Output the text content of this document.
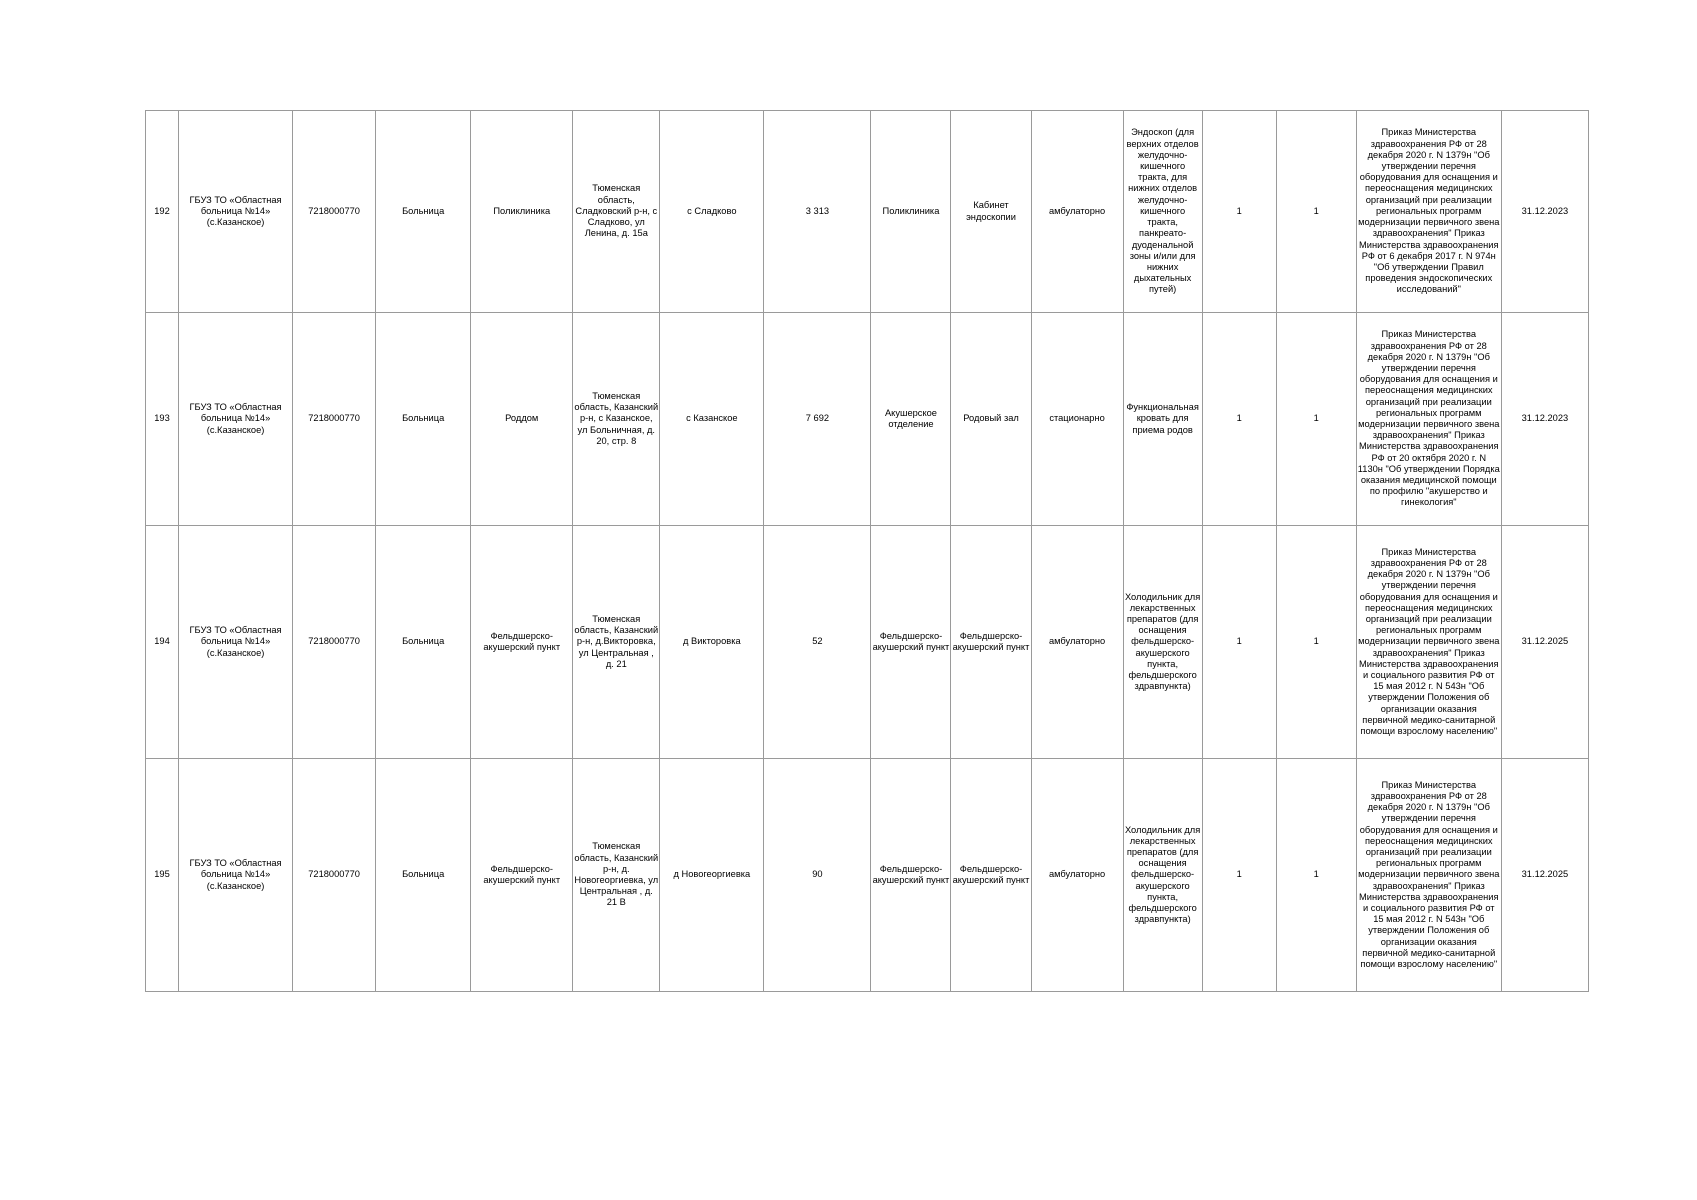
192	ГБУЗ ТО «Областная больница №14» (с.Казанское)	7218000770	Больница	Поликлиника	Тюменская область, Сладковский р-н, с Сладково, ул Ленина, д. 15а	с Сладково	3 313	Поликлиника	Кабинет эндоскопии	амбулаторно	Эндоскоп (для верхних отделов желудочно-кишечного тракта, для нижних отделов желудочно-кишечного тракта, панкреато-дуоденальной зоны и/или для нижних дыхательных путей)	1	1	Приказ Министерства здравоохранения РФ от 28 декабря 2020 г. N 1379н "Об утверждении перечня оборудования для оснащения и переоснащения медицинских организаций при реализации региональных программ модернизации первичного звена здравоохранения" Приказ Министерства здравоохранения РФ от 6 декабря 2017 г. N 974н "Об утверждении Правил проведения эндоскопических исследований"	31.12.2023
193	ГБУЗ ТО «Областная больница №14» (с.Казанское)	7218000770	Больница	Роддом	Тюменская область, Казанский р-н, с Казанское, ул Больничная, д. 20, стр. 8	с Казанское	7 692	Акушерское отделение	Родовый зал	стационарно	Функциональная кровать для приема родов	1	1	Приказ Министерства здравоохранения РФ от 28 декабря 2020 г. N 1379н "Об утверждении перечня оборудования для оснащения и переоснащения медицинских организаций при реализации региональных программ модернизации первичного звена здравоохранения" Приказ Министерства здравоохранения РФ от 20 октября 2020 г. N 1130н "Об утверждении Порядка оказания медицинской помощи по профилю "акушерство и гинекология"	31.12.2023
194	ГБУЗ ТО «Областная больница №14» (с.Казанское)	7218000770	Больница	Фельдшерско-акушерский пункт	Тюменская область, Казанский р-н, д.Викторовка, ул Центральная , д. 21	д Викторовка	52	Фельдшерско-акушерский пункт	Фельдшерско-акушерский пункт	амбулаторно	Холодильник для лекарственных препаратов (для оснащения фельдшерско-акушерского пункта, фельдшерского здравпункта)	1	1	Приказ Министерства здравоохранения РФ от 28 декабря 2020 г. N 1379н "Об утверждении перечня оборудования для оснащения и переоснащения медицинских организаций при реализации региональных программ модернизации первичного звена здравоохранения" Приказ Министерства здравоохранения и социального развития РФ от 15 мая 2012 г. N 543н "Об утверждении Положения об организации оказания первичной медико-санитарной помощи взрослому населению"	31.12.2025
195	ГБУЗ ТО «Областная больница №14» (с.Казанское)	7218000770	Больница	Фельдшерско-акушерский пункт	Тюменская область, Казанский р-н, д. Новогеоргиевка, ул Центральная , д. 21 В	д Новогеоргиевка	90	Фельдшерско-акушерский пункт	Фельдшерско-акушерский пункт	амбулаторно	Холодильник для лекарственных препаратов (для оснащения фельдшерско-акушерского пункта, фельдшерского здравпункта)	1	1	Приказ Министерства здравоохранения РФ от 28 декабря 2020 г. N 1379н "Об утверждении перечня оборудования для оснащения и переоснащения медицинских организаций при реализации региональных программ модернизации первичного звена здравоохранения" Приказ Министерства здравоохранения и социального развития РФ от 15 мая 2012 г. N 543н "Об утверждении Положения об организации оказания первичной медико-санитарной помощи взрослому населению"	31.12.2025
